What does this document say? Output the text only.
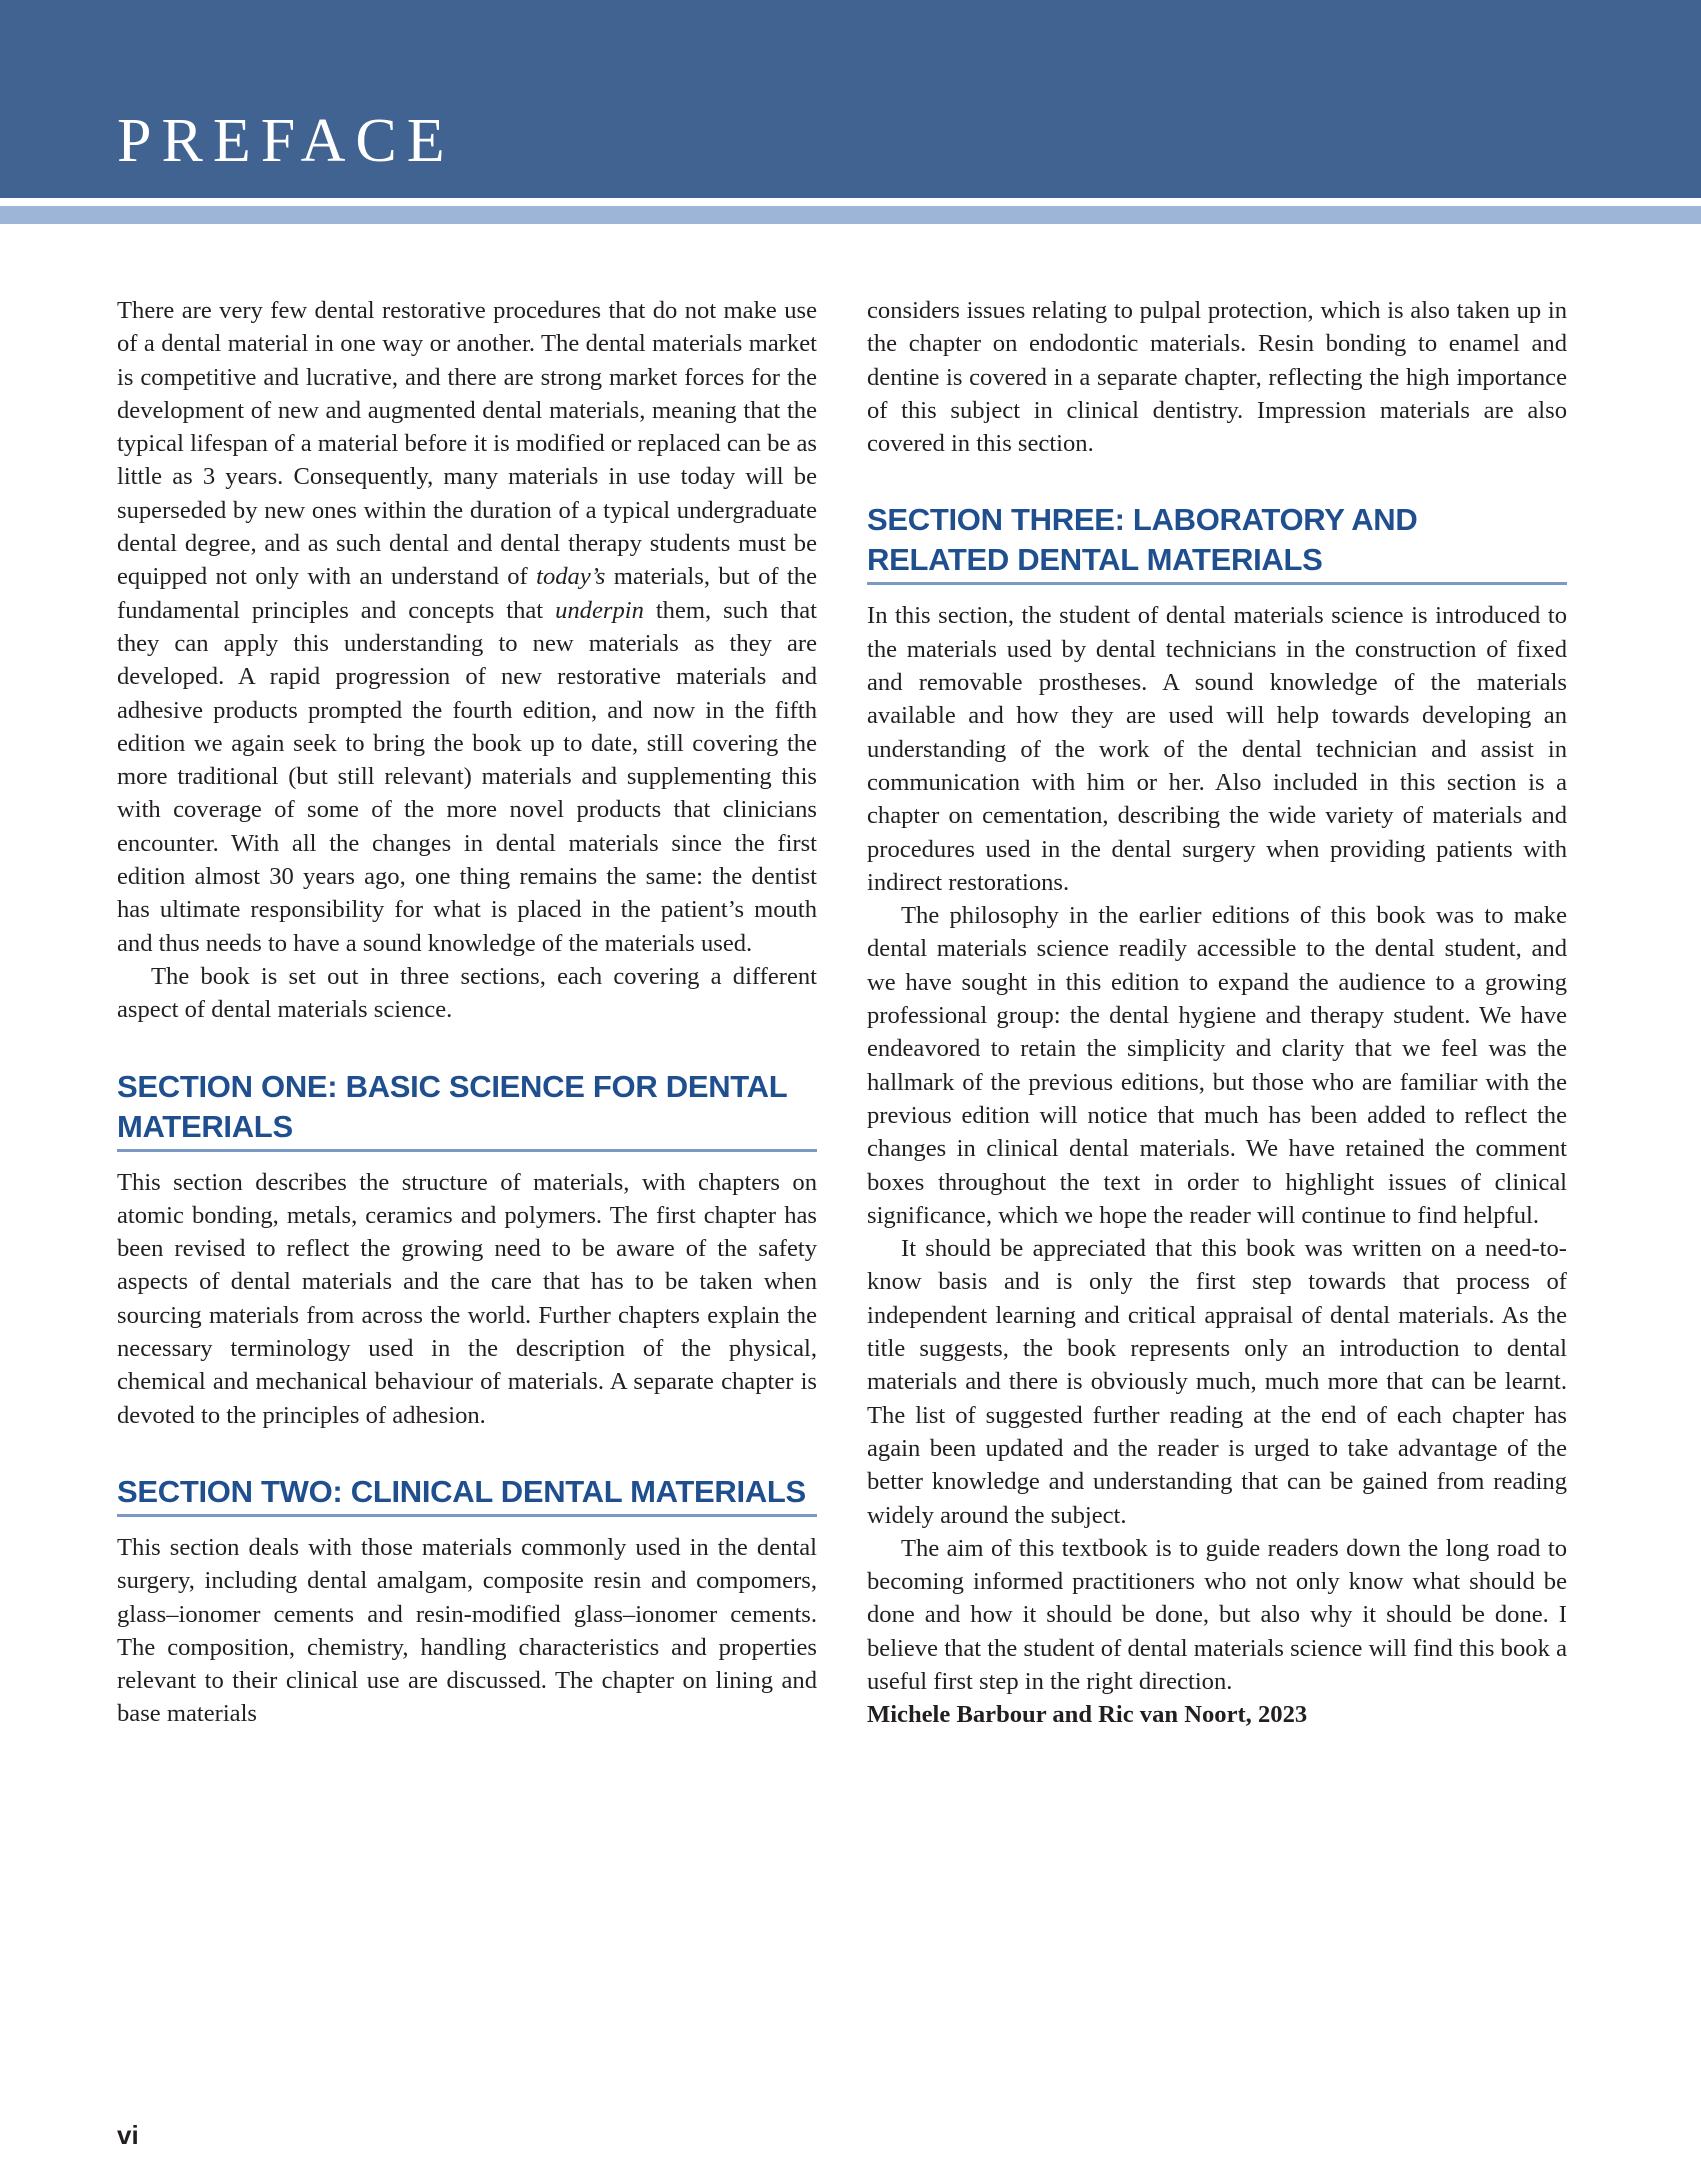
PREFACE

There are very few dental restorative procedures that do not make use of a dental material in one way or another. The dental materials market is competitive and lucrative, and there are strong market forces for the development of new and augmented dental materials, meaning that the typical lifespan of a material before it is modified or replaced can be as little as 3 years. Consequently, many materials in use today will be superseded by new ones within the duration of a typical undergraduate dental degree, and as such dental and dental therapy students must be equipped not only with an understand of today’s materials, but of the fundamental principles and concepts that underpin them, such that they can apply this understanding to new materials as they are developed. A rapid progression of new restorative materials and adhesive products prompted the fourth edition, and now in the fifth edition we again seek to bring the book up to date, still covering the more traditional (but still relevant) materials and supplementing this with coverage of some of the more novel products that clinicians encounter. With all the changes in dental materials since the first edition almost 30 years ago, one thing remains the same: the dentist has ultimate responsibility for what is placed in the patient’s mouth and thus needs to have a sound knowledge of the materials used.

The book is set out in three sections, each covering a different aspect of dental materials science.

SECTION ONE: BASIC SCIENCE FOR DENTAL MATERIALS

This section describes the structure of materials, with chapters on atomic bonding, metals, ceramics and polymers. The first chapter has been revised to reflect the growing need to be aware of the safety aspects of dental materials and the care that has to be taken when sourcing materials from across the world. Further chapters explain the necessary terminology used in the description of the physical, chemical and mechanical behaviour of materials. A separate chapter is devoted to the principles of adhesion.

SECTION TWO: CLINICAL DENTAL MATERIALS

This section deals with those materials commonly used in the dental surgery, including dental amalgam, composite resin and compomers, glass–ionomer cements and resin-modified glass–ionomer cements. The composition, chemistry, handling characteristics and properties relevant to their clinical use are discussed. The chapter on lining and base materials

considers issues relating to pulpal protection, which is also taken up in the chapter on endodontic materials. Resin bonding to enamel and dentine is covered in a separate chapter, reflecting the high importance of this subject in clinical dentistry. Impression materials are also covered in this section.

SECTION THREE: LABORATORY AND RELATED DENTAL MATERIALS

In this section, the student of dental materials science is introduced to the materials used by dental technicians in the construction of fixed and removable prostheses. A sound knowledge of the materials available and how they are used will help towards developing an understanding of the work of the dental technician and assist in communication with him or her. Also included in this section is a chapter on cementation, describing the wide variety of materials and procedures used in the dental surgery when providing patients with indirect restorations.

The philosophy in the earlier editions of this book was to make dental materials science readily accessible to the dental student, and we have sought in this edition to expand the audience to a growing professional group: the dental hygiene and therapy student. We have endeavored to retain the simplicity and clarity that we feel was the hallmark of the previous editions, but those who are familiar with the previous edition will notice that much has been added to reflect the changes in clinical dental materials. We have retained the comment boxes throughout the text in order to highlight issues of clinical significance, which we hope the reader will continue to find helpful.

It should be appreciated that this book was written on a need-to-know basis and is only the first step towards that process of independent learning and critical appraisal of dental materials. As the title suggests, the book represents only an introduction to dental materials and there is obviously much, much more that can be learnt. The list of suggested further reading at the end of each chapter has again been updated and the reader is urged to take advantage of the better knowledge and understanding that can be gained from reading widely around the subject.

The aim of this textbook is to guide readers down the long road to becoming informed practitioners who not only know what should be done and how it should be done, but also why it should be done. I believe that the student of dental materials science will find this book a useful first step in the right direction.

Michele Barbour and Ric van Noort, 2023

vi
